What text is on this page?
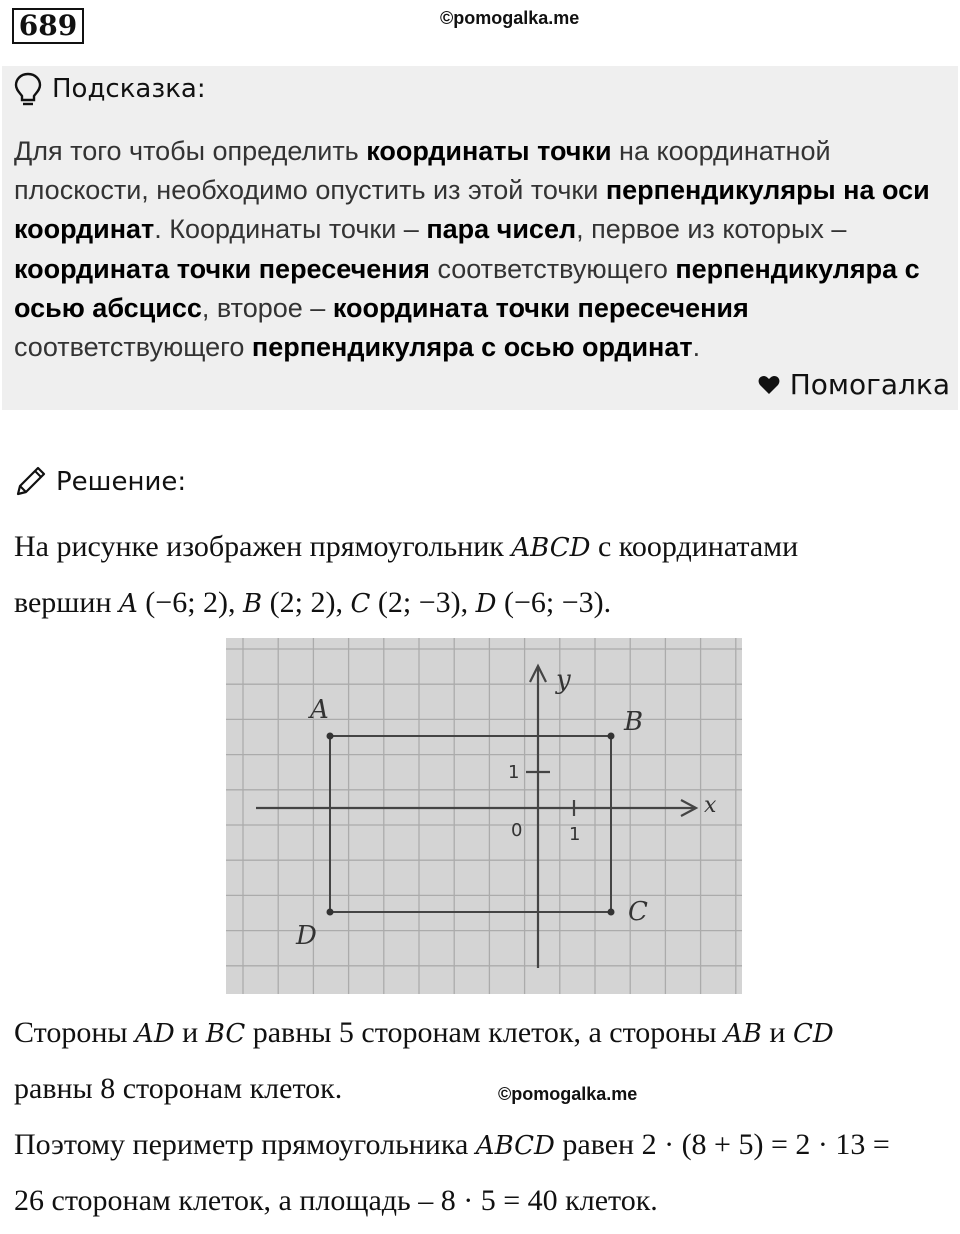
689	©pomogalka.me
Подсказка:
Для того чтобы определить координаты точки на координатной плоскости, необходимо опустить из этой точки перпендикуляры на оси координат. Координаты точки – пара чисел, первое из которых – координата точки пересечения соответствующего перпендикуляра с осью абсцисс, второе – координата точки пересечения соответствующего перпендикуляра с осью ординат.
Помогалка
Решение:
На рисунке изображен прямоугольник ABCD с координатами
вершин A (−6; 2), B (2; 2), C (2; −3), D (−6; −3).
A	B
C
D
x
y
0	1
1
Стороны AD и BC равны 5 сторонам клеток, а стороны AB и CD
равны 8 сторонам клеток.	©pomogalka.me
Поэтому периметр прямоугольника ABCD равен 2 · (8 + 5) = 2 · 13 =
26 сторонам клеток, а площадь – 8 · 5 = 40 клеток.
